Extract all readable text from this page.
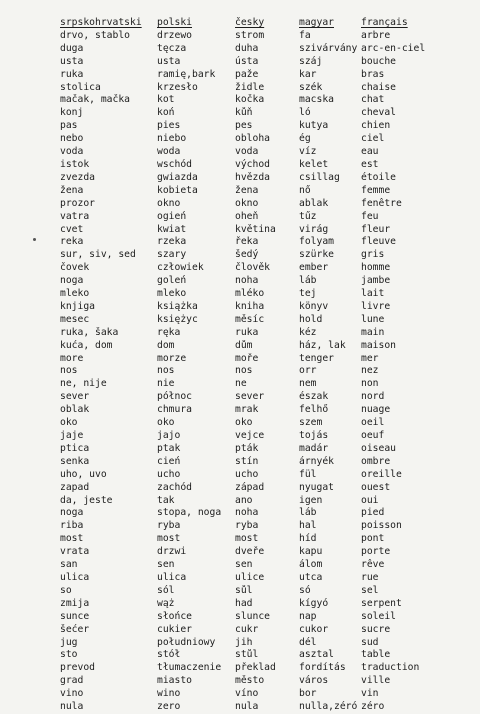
srpskohrvatski	polski	česky	magyar	français
drvo, stablo	drzewo	strom	fa	arbre
duga	tęcza	duha	szivárvány	arc-en-ciel
usta	usta	ústa	száj	bouche
ruka	ramię,bark	paže	kar	bras
stolica	krzesło	židle	szék	chaise
mačak, mačka	kot	kočka	macska	chat
konj	koń	kůň	ló	cheval
pas	pies	pes	kutya	chien
nebo	niebo	obloha	ég	ciel
voda	woda	voda	víz	eau
istok	wschód	východ	kelet	est
zvezda	gwiazda	hvězda	csillag	étoile
žena	kobieta	žena	nő	femme
prozor	okno	okno	ablak	fenêtre
vatra	ogień	oheň	tűz	feu
cvet	kwiat	květina	virág	fleur
reka	rzeka	řeka	folyam	fleuve
sur, siv, sed	szary	šedý	szürke	gris
čovek	człowiek	člověk	ember	homme
noga	goleń	noha	láb	jambe
mleko	mleko	mléko	tej	lait
knjiga	książka	kniha	könyv	livre
mesec	księżyc	měsíc	hold	lune
ruka, šaka	ręka	ruka	kéz	main
kuća, dom	dom	dům	ház, lak	maison
more	morze	moře	tenger	mer
nos	nos	nos	orr	nez
ne, nije	nie	ne	nem	non
sever	północ	sever	észak	nord
oblak	chmura	mrak	felhő	nuage
oko	oko	oko	szem	oeil
jaje	jajo	vejce	tojás	oeuf
ptica	ptak	pták	madár	oiseau
senka	cień	stín	árnyék	ombre
uho, uvo	ucho	ucho	fül	oreille
zapad	zachód	západ	nyugat	ouest
da, jeste	tak	ano	igen	oui
noga	stopa, noga	noha	láb	pied
riba	ryba	ryba	hal	poisson
most	most	most	híd	pont
vrata	drzwi	dveře	kapu	porte
san	sen	sen	álom	rêve
ulica	ulica	ulice	utca	rue
so	sól	sůl	só	sel
zmija	wąż	had	kígyó	serpent
sunce	słońce	slunce	nap	soleil
šećer	cukier	cukr	cukor	sucre
jug	południowy	jih	dél	sud
sto	stół	stůl	asztal	table
prevod	tłumaczenie	překlad	fordítás	traduction
grad	miasto	město	város	ville
vino	wino	víno	bor	vin
nula	zero	nula	nulla,zéró	zéro
